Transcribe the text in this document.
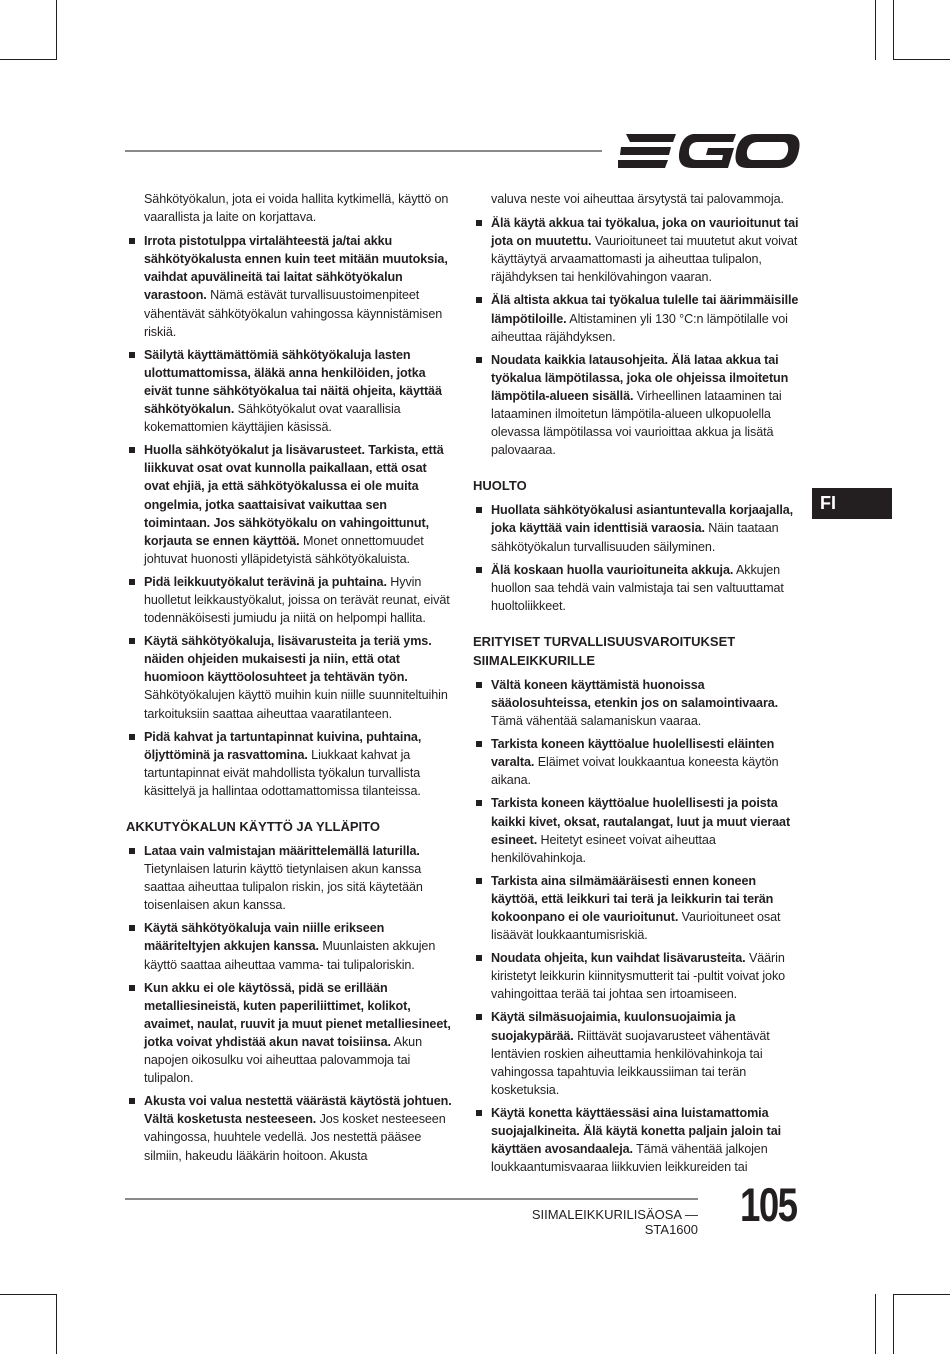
Sähkötyökalun, jota ei voida hallita kytkimellä, käyttö on vaarallista ja laite on korjattava.

Irrota pistotulppa virtalähteestä ja/tai akku sähkötyökalusta ennen kuin teet mitään muutoksia, vaihdat apuvälineitä tai laitat sähkötyökalun varastoon. Nämä estävät turvallisuustoimenpiteet vähentävät sähkötyökalun vahingossa käynnistämisen riskiä.
Säilytä käyttämättömiä sähkötyökaluja lasten ulottumattomissa, äläkä anna henkilöiden, jotka eivät tunne sähkötyökalua tai näitä ohjeita, käyttää sähkötyökalun. Sähkötyökalut ovat vaarallisia kokemattomien käyttäjien käsissä.
Huolla sähkötyökalut ja lisävarusteet. Tarkista, että liikkuvat osat ovat kunnolla paikallaan, että osat ovat ehjiä, ja että sähkötyökalussa ei ole muita ongelmia, jotka saattaisivat vaikuttaa sen toimintaan. Jos sähkötyökalu on vahingoittunut, korjauta se ennen käyttöä. Monet onnettomuudet johtuvat huonosti ylläpidetyistä sähkötyökaluista.
Pidä leikkuutyökalut terävinä ja puhtaina. Hyvin huolletut leikkaustyökalut, joissa on terävät reunat, eivät todennäköisesti jumiudu ja niitä on helpompi hallita.
Käytä sähkötyökaluja, lisävarusteita ja teriä yms. näiden ohjeiden mukaisesti ja niin, että otat huomioon käyttöolosuhteet ja tehtävän työn. Sähkötyökalujen käyttö muihin kuin niille suunniteltuihin tarkoituksiin saattaa aiheuttaa vaaratilanteen.
Pidä kahvat ja tartuntapinnat kuivina, puhtaina, öljyttöminä ja rasvattomina. Liukkaat kahvat ja tartuntapinnat eivät mahdollista työkalun turvallista käsittelyä ja hallintaa odottamattomissa tilanteissa.
AKKUTYÖKALUN KÄYTTÖ JA YLLÄPITO
Lataa vain valmistajan määrittelemällä laturilla. Tietynlaisen laturin käyttö tietynlaisen akun kanssa saattaa aiheuttaa tulipalon riskin, jos sitä käytetään toisenlaisen akun kanssa.
Käytä sähkötyökaluja vain niille erikseen määriteltyjen akkujen kanssa. Muunlaisten akkujen käyttö saattaa aiheuttaa vamma- tai tulipaloriskin.
Kun akku ei ole käytössä, pidä se erillään metalliesineistä, kuten paperiliittimet, kolikot, avaimet, naulat, ruuvit ja muut pienet metalliesineet, jotka voivat yhdistää akun navat toisiinsa. Akun napojen oikosulku voi aiheuttaa palovammoja tai tulipalon.
Akusta voi valua nestettä väärästä käytöstä johtuen. Vältä kosketusta nesteeseen. Jos kosket nesteeseen vahingossa, huuhtele vedellä. Jos nestettä pääsee silmiin, hakeudu lääkärin hoitoon. Akusta

valuva neste voi aiheuttaa ärsytystä tai palovammoja.

Älä käytä akkua tai työkalua, joka on vaurioitunut tai jota on muutettu. Vaurioituneet tai muutetut akut voivat käyttäytyä arvaamattomasti ja aiheuttaa tulipalon, räjähdyksen tai henkilövahingon vaaran.
Älä altista akkua tai työkalua tulelle tai äärimmäisille lämpötiloille. Altistaminen yli 130 °C:n lämpötilalle voi aiheuttaa räjähdyksen.
Noudata kaikkia latausohjeita. Älä lataa akkua tai työkalua lämpötilassa, joka ole ohjeissa ilmoitetun lämpötila-alueen sisällä. Virheellinen lataaminen tai lataaminen ilmoitetun lämpötila-alueen ulkopuolella olevassa lämpötilassa voi vaurioittaa akkua ja lisätä palovaaraa.
HUOLTO
Huollata sähkötyökalusi asiantuntevalla korjaajalla, joka käyttää vain identtisiä varaosia. Näin taataan sähkötyökalun turvallisuuden säilyminen.
Älä koskaan huolla vaurioituneita akkuja. Akkujen huollon saa tehdä vain valmistaja tai sen valtuuttamat huoltoliikkeet.
ERITYISET TURVALLISUUSVAROITUKSET SIIMALEIKKURILLE
Vältä koneen käyttämistä huonoissa sääolosuhteissa, etenkin jos on salamointivaara. Tämä vähentää salamaniskun vaaraa.
Tarkista koneen käyttöalue huolellisesti eläinten varalta. Eläimet voivat loukkaantua koneesta käytön aikana.
Tarkista koneen käyttöalue huolellisesti ja poista kaikki kivet, oksat, rautalangat, luut ja muut vieraat esineet. Heitetyt esineet voivat aiheuttaa henkilövahinkoja.
Tarkista aina silmämääräisesti ennen koneen käyttöä, että leikkuri tai terä ja leikkurin tai terän kokoonpano ei ole vaurioitunut. Vaurioituneet osat lisäävät loukkaantumisriskiä.
Noudata ohjeita, kun vaihdat lisävarusteita. Väärin kiristetyt leikkurin kiinnitysmutterit tai -pultit voivat joko vahingoittaa terää tai johtaa sen irtoamiseen.
Käytä silmäsuojaimia, kuulonsuojaimia ja suojakypärää. Riittävät suojavarusteet vähentävät lentävien roskien aiheuttamia henkilövahinkoja tai vahingossa tapahtuvia leikkaussiiman tai terän kosketuksia.
Käytä konetta käyttäessäsi aina luistamattomia suojajalkineita. Älä käytä konetta paljain jaloin tai käyttäen avosandaaleja. Tämä vähentää jalkojen loukkaantumisvaaraa liikkuvien leikkureiden tai
FI
SIIMALEIKKURILISÄOSA — STA1600 105
